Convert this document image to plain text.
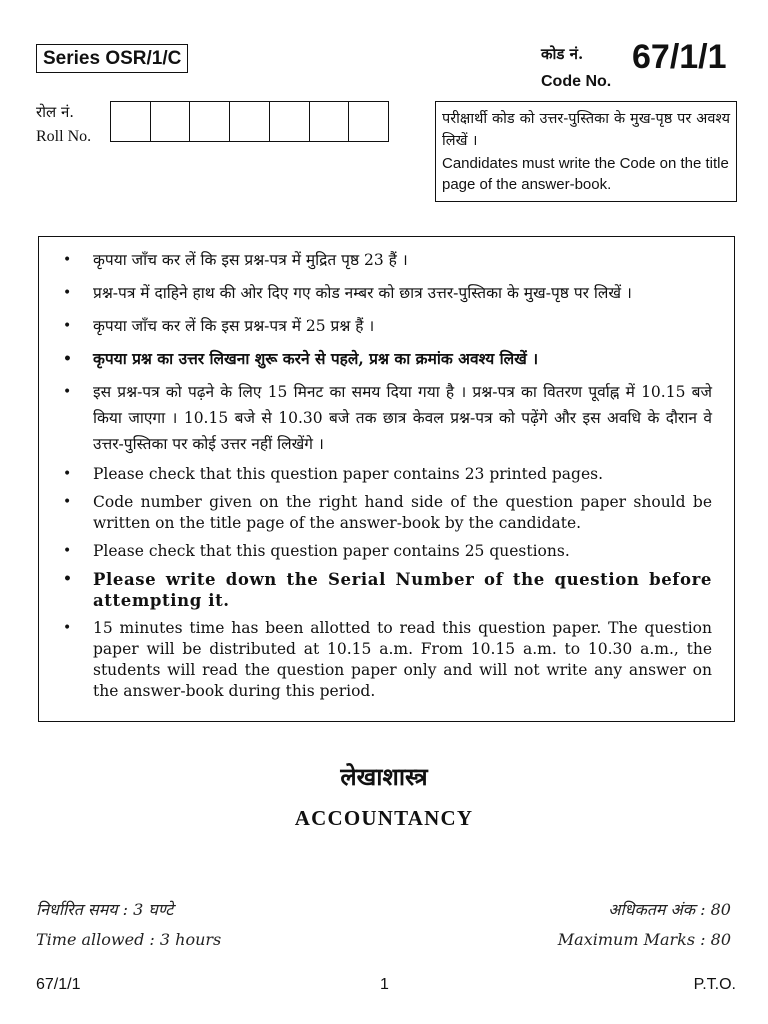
Series OSR/1/C	कोड नं.
Code No.
67/1/1
रोल नं.
Roll No.
परीक्षार्थी कोड को उत्तर-पुस्तिका के मुख-पृष्ठ पर अवश्य लिखें ।
Candidates must write the Code on the title page of the answer-book.
• कृपया जाँच कर लें कि इस प्रश्न-पत्र में मुद्रित पृष्ठ 23 हैं ।
• प्रश्न-पत्र में दाहिने हाथ की ओर दिए गए कोड नम्बर को छात्र उत्तर-पुस्तिका के मुख-पृष्ठ पर लिखें ।
• कृपया जाँच कर लें कि इस प्रश्न-पत्र में 25 प्रश्न हैं ।
• कृपया प्रश्न का उत्तर लिखना शुरू करने से पहले, प्रश्न का क्रमांक अवश्य लिखें ।
• इस प्रश्न-पत्र को पढ़ने के लिए 15 मिनट का समय दिया गया है । प्रश्न-पत्र का वितरण पूर्वाह्न में 10.15 बजे किया जाएगा । 10.15 बजे से 10.30 बजे तक छात्र केवल प्रश्न-पत्र को पढ़ेंगे और इस अवधि के दौरान वे उत्तर-पुस्तिका पर कोई उत्तर नहीं लिखेंगे ।
• Please check that this question paper contains 23 printed pages.
• Code number given on the right hand side of the question paper should be written on the title page of the answer-book by the candidate.
• Please check that this question paper contains 25 questions.
• Please write down the Serial Number of the question before attempting it.
• 15 minutes time has been allotted to read this question paper. The question paper will be distributed at 10.15 a.m. From 10.15 a.m. to 10.30 a.m., the students will read the question paper only and will not write any answer on the answer-book during this period.
लेखाशास्त्र
ACCOUNTANCY
निर्धारित समय : 3 घण्टे
Time allowed : 3 hours
अधिकतम अंक : 80
Maximum Marks : 80
67/1/1	1	P.T.O.
